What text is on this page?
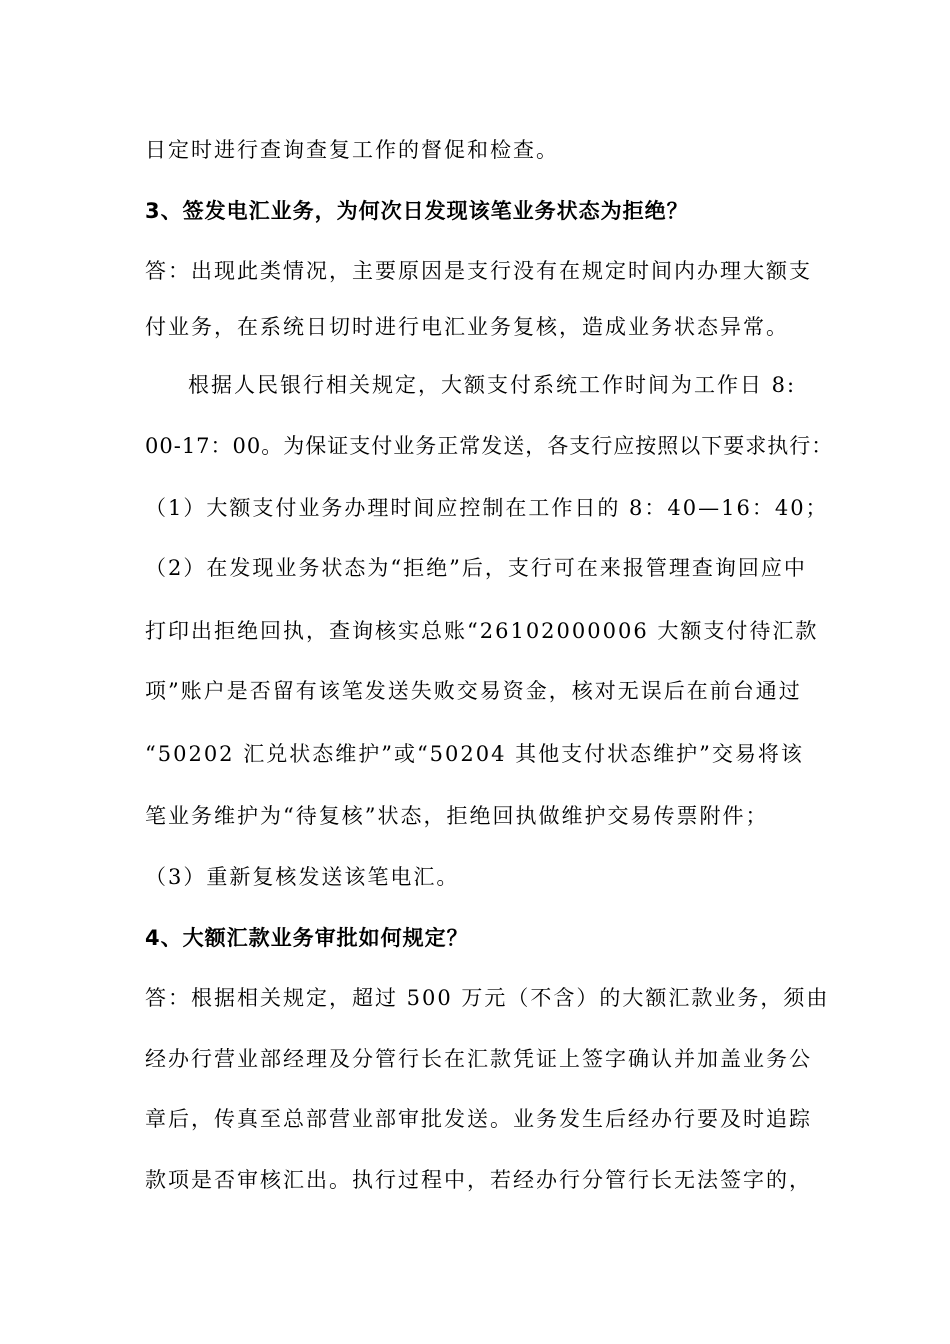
日定时进行查询查复工作的督促和检查。
3、签发电汇业务，为何次日发现该笔业务状态为拒绝？
答：出现此类情况，主要原因是支行没有在规定时间内办理大额支
付业务，在系统日切时进行电汇业务复核，造成业务状态异常。
根据人民银行相关规定，大额支付系统工作时间为工作日 8:
00-17：00。为保证支付业务正常发送，各支行应按照以下要求执行：
（1）大额支付业务办理时间应控制在工作日的 8：40—16：40；
（2）在发现业务状态为“拒绝”后，支行可在来报管理查询回应中
打印出拒绝回执，查询核实总账“26102000006 大额支付待汇款
项”账户是否留有该笔发送失败交易资金，核对无误后在前台通过
“50202 汇兑状态维护”或“50204 其他支付状态维护”交易将该
笔业务维护为“待复核”状态，拒绝回执做维护交易传票附件；
（3）重新复核发送该笔电汇。
4、大额汇款业务审批如何规定？
答：根据相关规定，超过 500 万元（不含）的大额汇款业务，须由
经办行营业部经理及分管行长在汇款凭证上签字确认并加盖业务公
章后，传真至总部营业部审批发送。业务发生后经办行要及时追踪
款项是否审核汇出。执行过程中，若经办行分管行长无法签字的，
